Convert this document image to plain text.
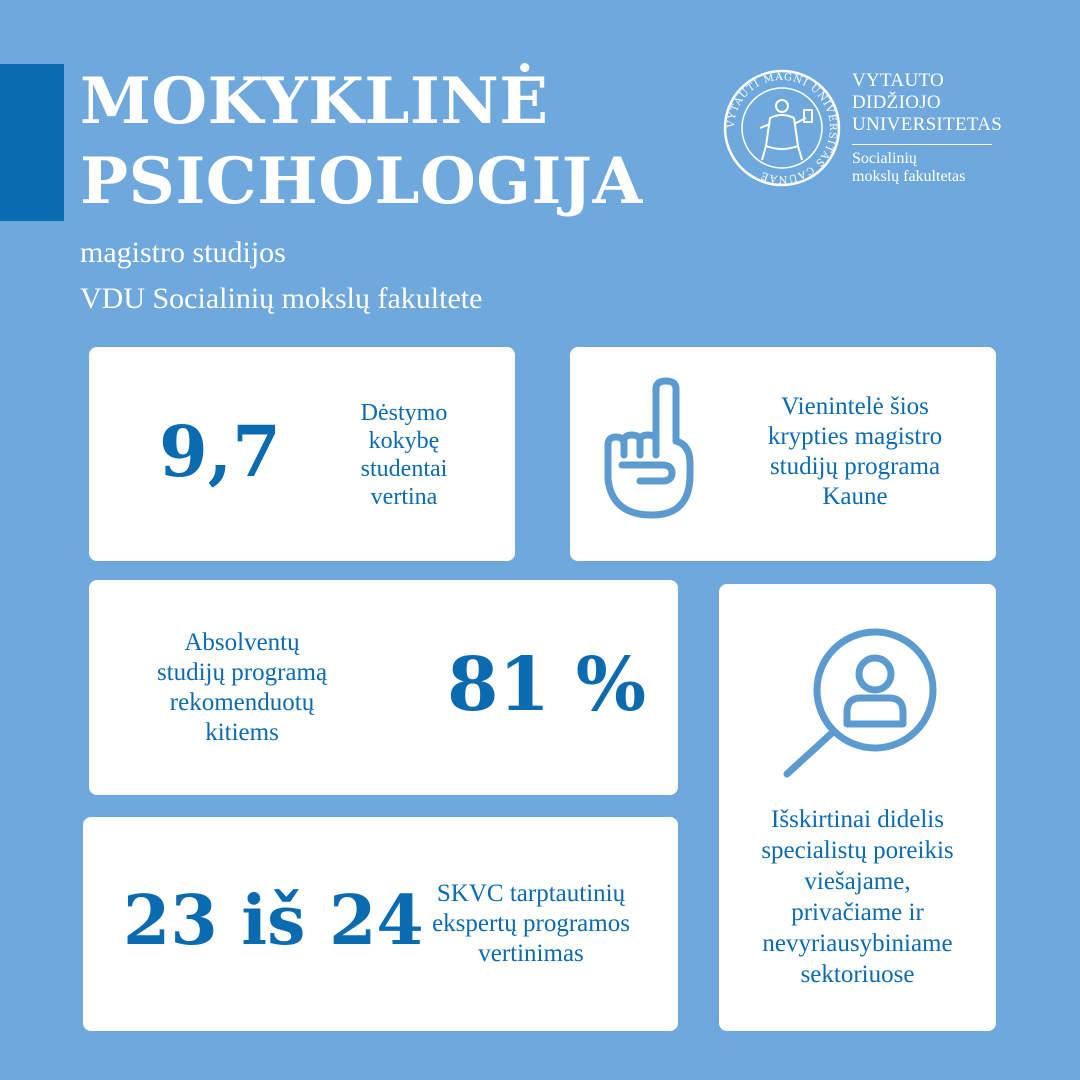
MOKYKLINĖ
PSICHOLOGIJA
magistro studijos
VDU Socialinių mokslų fakultete
VYTAUTI MAGNI UNIVERSITAS CAUNAE
VYTAUTO
DIDŽIOJO
UNIVERSITETAS
Socialinių
mokslų fakultetas
9,7	Dėstymo
kokybę
studentai
vertina
Vienintelė šios
krypties magistro
studijų programa
Kaune
Absolventų
studijų programą
rekomenduotų
kitiems
81 %
23 iš 24 SKVC tarptautinių
ekspertų programos
vertinimas
Išskirtinai didelis
specialistų poreikis
viešajame,
privačiame ir
nevyriausybiniame
sektoriuose
